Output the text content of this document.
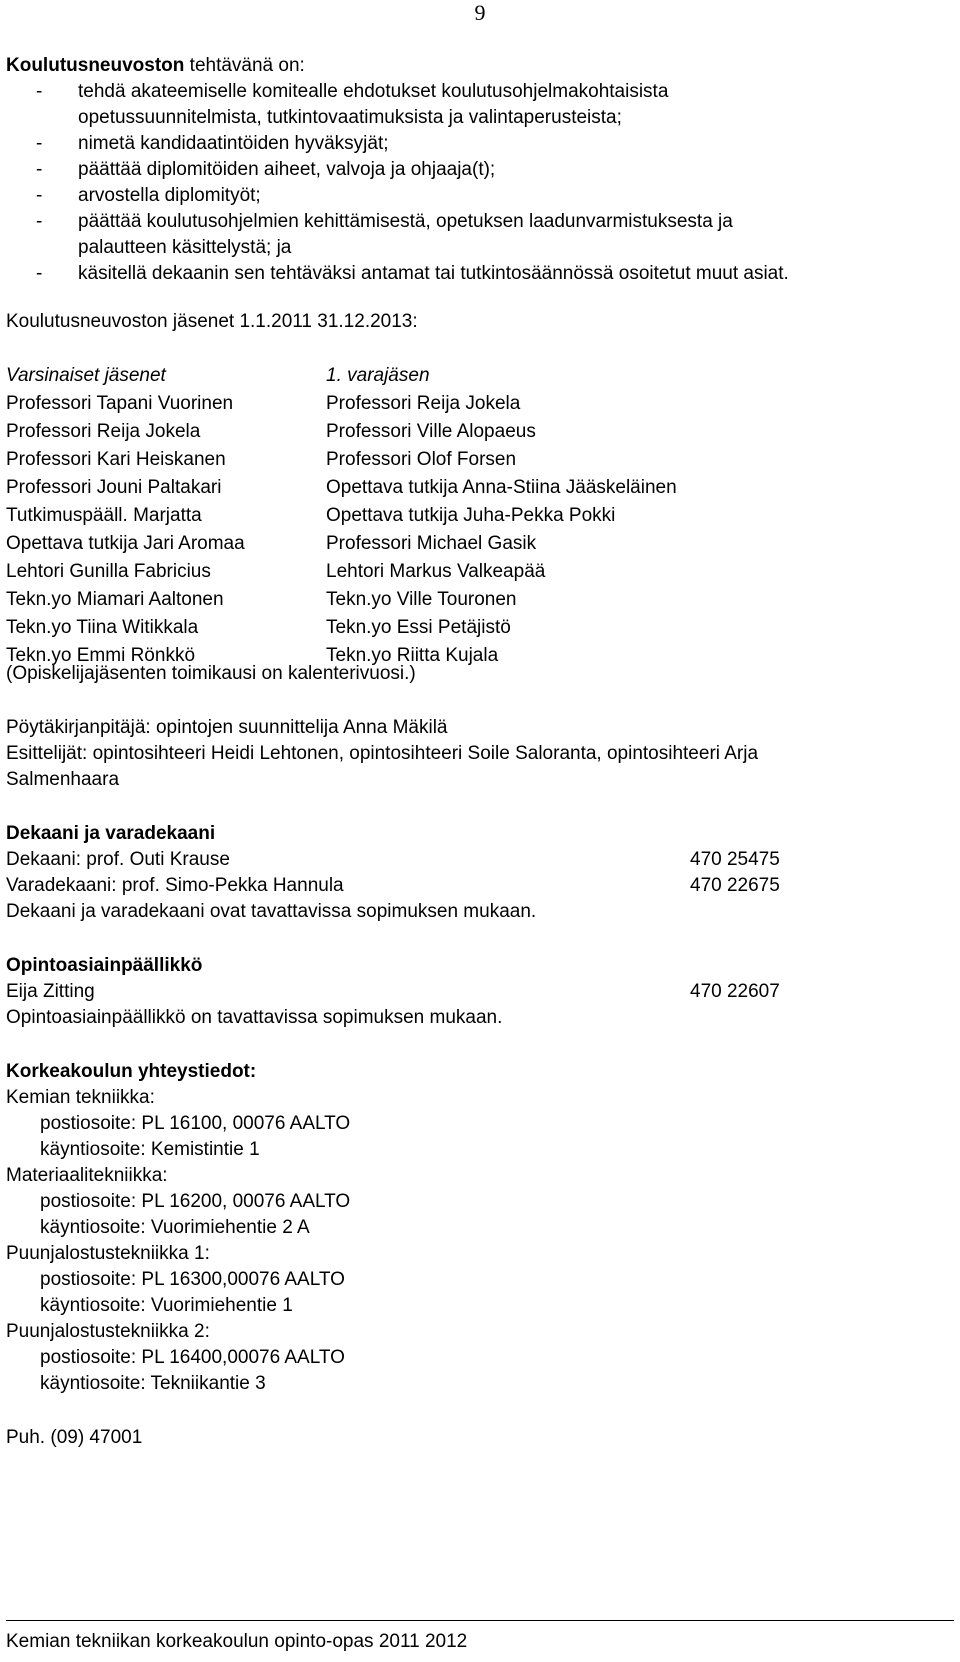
9
Koulutusneuvoston tehtävänä on:
- tehdä akateemiselle komitealle ehdotukset koulutusohjelmakohtaisista
opetussuunnitelmista, tutkintovaatimuksista ja valintaperusteista;
- nimetä kandidaatintöiden hyväksyjät;
- päättää diplomitöiden aiheet, valvoja ja ohjaaja(t);
- arvostella diplomityöt;
- päättää koulutusohjelmien kehittämisestä, opetuksen laadunvarmistuksesta ja
palautteen käsittelystä; ja
- käsitellä dekaanin sen tehtäväksi antamat tai tutkintosäännössä osoitetut muut asiat.
Koulutusneuvoston jäsenet 1.1.2011 31.12.2013:
Varsinaiset jäsenet	1. varajäsen
Professori Tapani Vuorinen	Professori Reija Jokela
Professori Reija Jokela	Professori Ville Alopaeus
Professori Kari Heiskanen	Professori Olof Forsen
Professori Jouni Paltakari	Opettava tutkija Anna-Stiina Jääskeläinen
Tutkimuspääll. Marjatta	Opettava tutkija Juha-Pekka Pokki
Opettava tutkija Jari Aromaa	Professori Michael Gasik
Lehtori Gunilla Fabricius	Lehtori Markus Valkeapää
Tekn.yo Miamari Aaltonen	Tekn.yo Ville Touronen
Tekn.yo Tiina Witikkala	Tekn.yo Essi Petäjistö
Tekn.yo Emmi Rönkkö	Tekn.yo Riitta Kujala
(Opiskelijajäsenten toimikausi on kalenterivuosi.)
Pöytäkirjanpitäjä: opintojen suunnittelija Anna Mäkilä
Esittelijät: opintosihteeri Heidi Lehtonen, opintosihteeri Soile Saloranta, opintosihteeri Arja
Salmenhaara
Dekaani ja varadekaani
Dekaani: prof. Outi Krause	470 25475
Varadekaani: prof. Simo-Pekka Hannula	470 22675
Dekaani ja varadekaani ovat tavattavissa sopimuksen mukaan.
Opintoasiainpäällikkö
Eija Zitting	470 22607
Opintoasiainpäällikkö on tavattavissa sopimuksen mukaan.
Korkeakoulun yhteystiedot:
Kemian tekniikka:
postiosoite: PL 16100, 00076 AALTO
käyntiosoite: Kemistintie 1
Materiaalitekniikka:
postiosoite: PL 16200, 00076 AALTO
käyntiosoite: Vuorimiehentie 2 A
Puunjalostustekniikka 1:
postiosoite: PL 16300,00076 AALTO
käyntiosoite: Vuorimiehentie 1
Puunjalostustekniikka 2:
postiosoite: PL 16400,00076 AALTO
käyntiosoite: Tekniikantie 3
Puh. (09) 47001
Kemian tekniikan korkeakoulun opinto-opas 2011 2012
